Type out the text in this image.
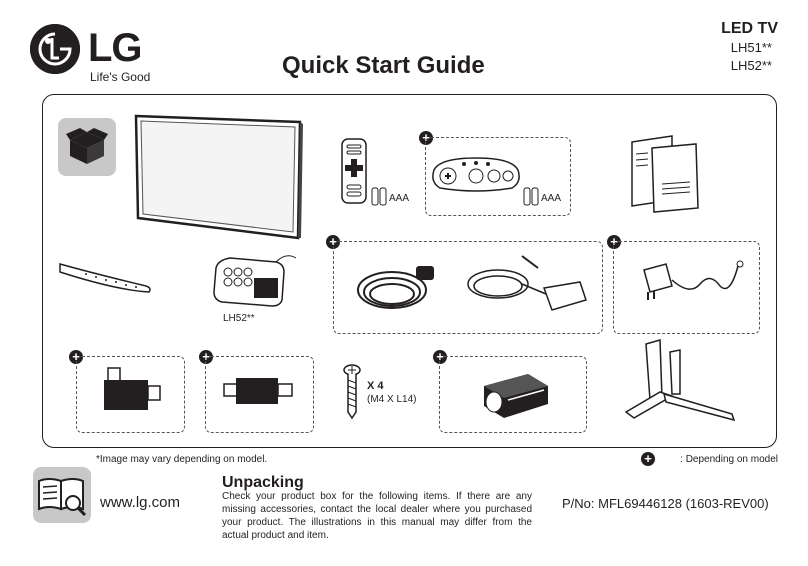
LG
Life's Good	Quick Start Guide
LED TV
LH51**
LH52**
AAA
+
AAA
LH52**
+	+
+	+
X 4
(M4 X L14)
+
*Image may vary depending on model.	+	: Depending on model
www.lg.com
Unpacking
Check your product box for the following items. If there are any missing accessories, contact the local dealer where you purchased your product. The illustrations in this manual may differ from the actual product and item.
P/No: MFL69446128 (1603-REV00)
